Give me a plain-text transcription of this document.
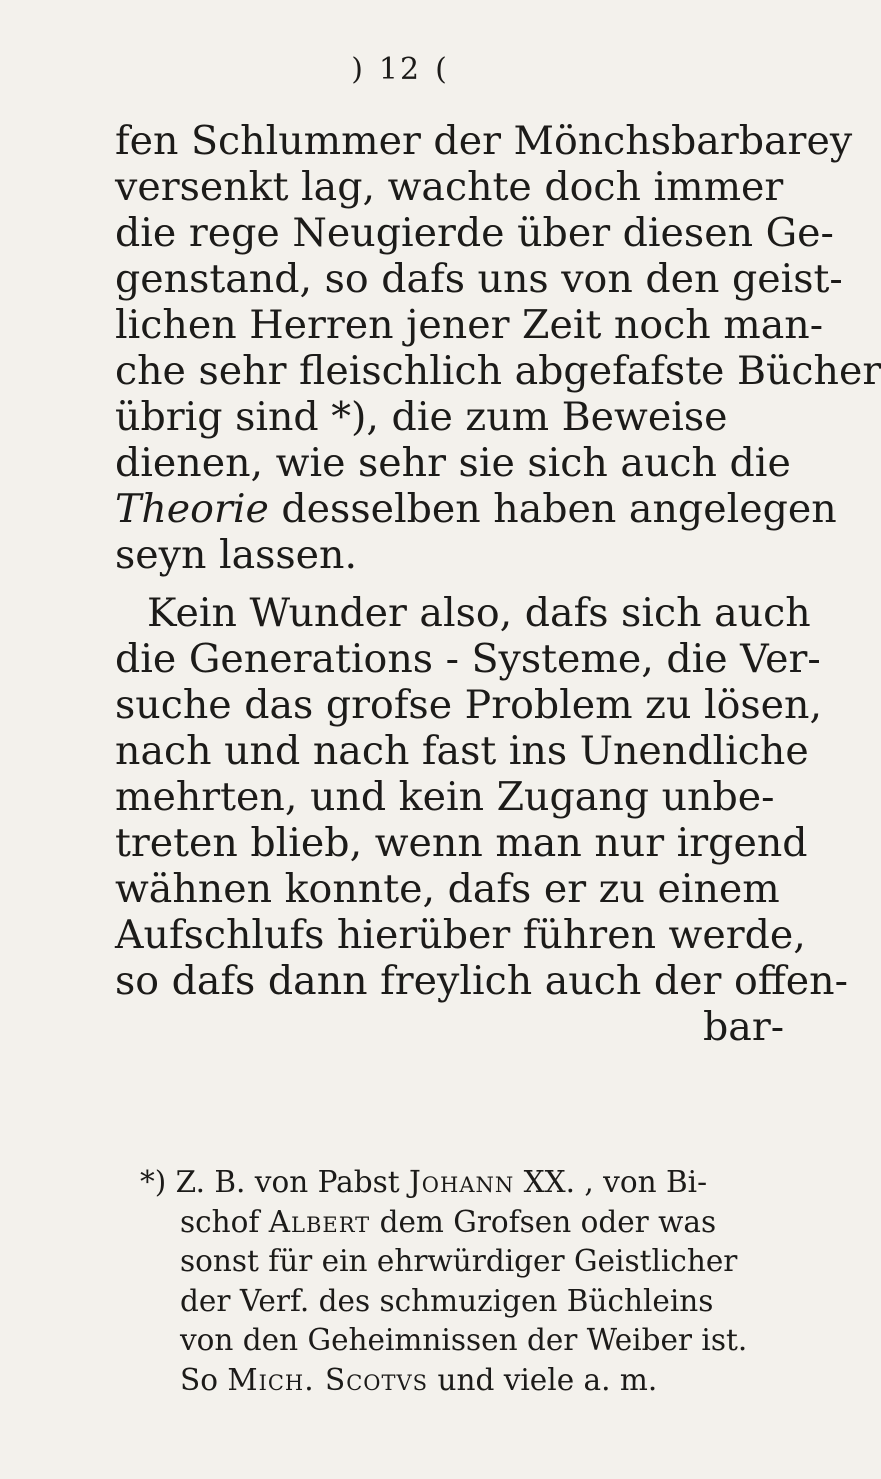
) 12 (
fen Schlummer der Mönchsbarbarey
versenkt lag, wachte doch immer
die rege Neugierde über diesen Ge-
genstand, so dafs uns von den geist-
lichen Herren jener Zeit noch man-
che sehr fleischlich abgefafste Bücher
übrig sind *), die zum Beweise
dienen, wie sehr sie sich auch die
Theorie desselben haben angelegen
seyn lassen.
Kein Wunder also, dafs sich auch
die Generations - Systeme, die Ver-
suche das grofse Problem zu lösen,
nach und nach fast ins Unendliche
mehrten, und kein Zugang unbe-
treten blieb, wenn man nur irgend
wähnen konnte, dafs er zu einem
Aufschlufs hierüber führen werde,
so dafs dann freylich auch der offen-
bar-
*) Z. B. von Pabst Johann XX. , von Bi-
schof Albert dem Grofsen oder was
sonst für ein ehrwürdiger Geistlicher
der Verf. des schmuzigen Büchleins
von den Geheimnissen der Weiber ist.
So Mich. Scotvs und viele a. m.
